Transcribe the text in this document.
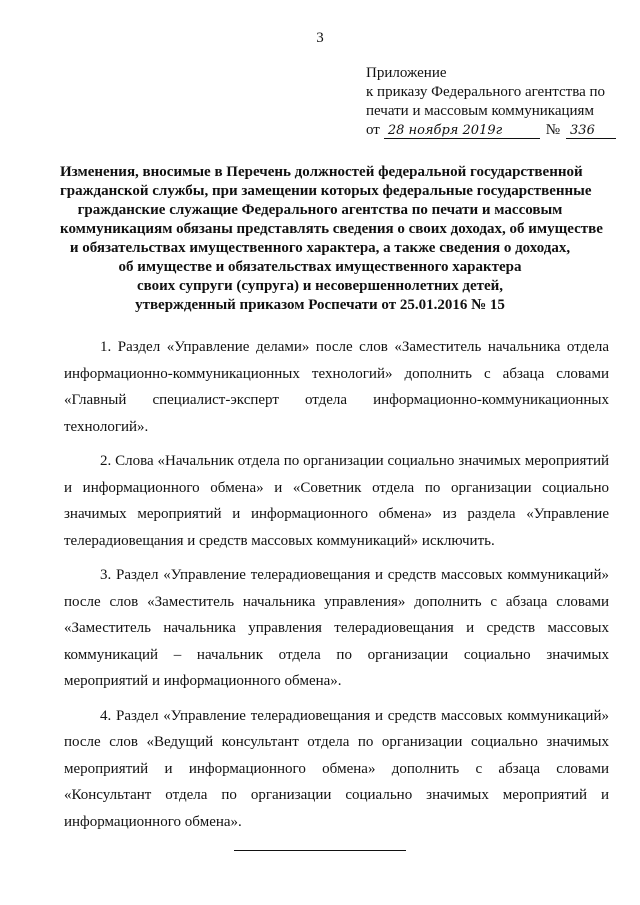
3
Приложение
к приказу Федерального агентства по
печати и массовым коммуникациям
от 28 ноября 2019г	№ 336
Изменения, вносимые в Перечень должностей федеральной государственной
гражданской службы, при замещении которых федеральные государственные
гражданские служащие Федерального агентства по печати и массовым
коммуникациям обязаны представлять сведения о своих доходах, об имуществе
и обязательствах имущественного характера, а также сведения о доходах,
об имуществе и обязательствах имущественного характера
своих супруги (супруга) и несовершеннолетних детей,
утвержденный приказом Роспечати от 25.01.2016 № 15

1. Раздел «Управление делами» после слов «Заместитель начальника отдела информационно-коммуникационных технологий» дополнить с абзаца словами «Главный специалист-эксперт отдела информационно-коммуникационных технологий».

2. Слова «Начальник отдела по организации социально значимых мероприятий и информационного обмена» и «Советник отдела по организации социально значимых мероприятий и информационного обмена» из раздела «Управление телерадиовещания и средств массовых коммуникаций» исключить.

3. Раздел «Управление телерадиовещания и средств массовых коммуникаций» после слов «Заместитель начальника управления» дополнить с абзаца словами «Заместитель начальника управления телерадиовещания и средств массовых коммуникаций – начальник отдела по организации социально значимых мероприятий и информационного обмена».

4. Раздел «Управление телерадиовещания и средств массовых коммуникаций» после слов «Ведущий консультант отдела по организации социально значимых мероприятий и информационного обмена» дополнить с абзаца словами «Консультант отдела по организации социально значимых мероприятий и информационного обмена».
